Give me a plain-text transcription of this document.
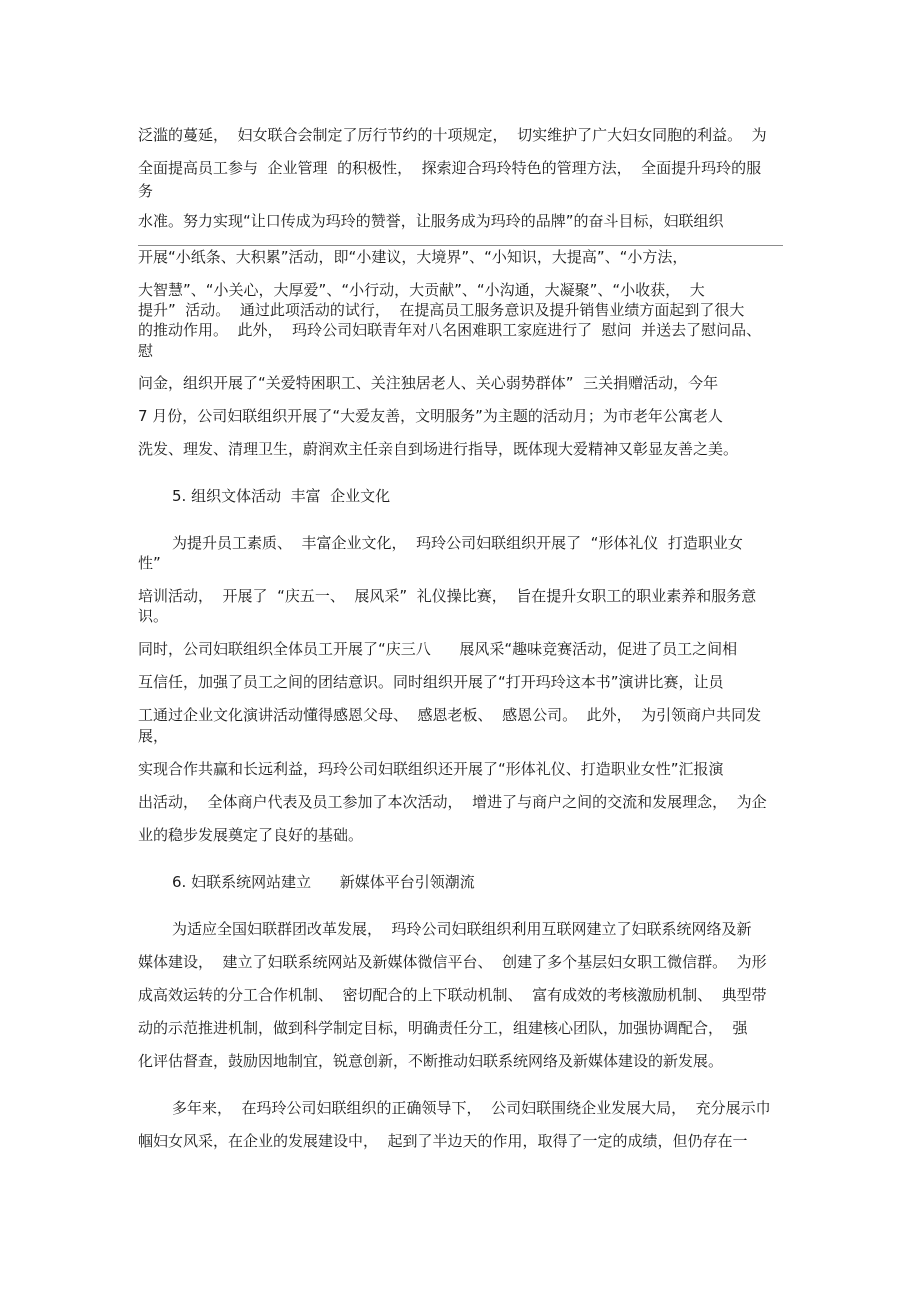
泛滥的蔓延，  妇女联合会制定了厉行节约的十项规定，  切实维护了广大妇女同胞的利益。  为

全面提高员工参与  企业管理  的积极性，  探索迎合玛玲特色的管理方法，  全面提升玛玲的服

务

水准。努力实现“让口传成为玛玲的赞誉，让服务成为玛玲的品牌”的奋斗目标，妇联组织

开展“小纸条、大积累”活动，即“小建议，大境界”、“小知识，大提高”、“小方法，

大智慧”、“小关心，大厚爱”、“小行动，大贡献”、“小沟通，大凝聚”、“小收获，  大

提升”  活动。  通过此项活动的试行，  在提高员工服务意识及提升销售业绩方面起到了很大

的推动作用。  此外，  玛玲公司妇联青年对八名困难职工家庭进行了  慰问  并送去了慰问品、

慰

问金，组织开展了“关爱特困职工、关注独居老人、关心弱势群体”  三关捐赠活动，今年

7 月份，公司妇联组织开展了“大爱友善，文明服务”为主题的活动月；为市老年公寓老人

洗发、理发、清理卫生，蔚润欢主任亲自到场进行指导，既体现大爱精神又彰显友善之美。

5. 组织文体活动  丰富  企业文化

为提升员工素质、  丰富企业文化，  玛玲公司妇联组织开展了  “形体礼仪  打造职业女

性”

培训活动，  开展了  “庆五一、  展风采”  礼仪操比赛，  旨在提升女职工的职业素养和服务意

识。

同时，公司妇联组织全体员工开展了“庆三八      展风采“趣味竞赛活动，促进了员工之间相

互信任，加强了员工之间的团结意识。同时组织开展了“打开玛玲这本书”演讲比赛，让员

工通过企业文化演讲活动懂得感恩父母、  感恩老板、  感恩公司。  此外，  为引领商户共同发

展，

实现合作共赢和长远利益，玛玲公司妇联组织还开展了“形体礼仪、打造职业女性”汇报演

出活动，  全体商户代表及员工参加了本次活动，  增进了与商户之间的交流和发展理念，  为企

业的稳步发展奠定了良好的基础。

6. 妇联系统网站建立      新媒体平台引领潮流

为适应全国妇联群团改革发展，  玛玲公司妇联组织利用互联网建立了妇联系统网络及新

媒体建设，  建立了妇联系统网站及新媒体微信平台、  创建了多个基层妇女职工微信群。  为形

成高效运转的分工合作机制、  密切配合的上下联动机制、  富有成效的考核激励机制、  典型带

动的示范推进机制，做到科学制定目标，明确责任分工，组建核心团队，加强协调配合，  强

化评估督查，鼓励因地制宜，锐意创新，不断推动妇联系统网络及新媒体建设的新发展。

多年来，  在玛玲公司妇联组织的正确领导下，  公司妇联围绕企业发展大局，  充分展示巾

帼妇女风采，在企业的发展建设中，  起到了半边天的作用，取得了一定的成绩，但仍存在一
